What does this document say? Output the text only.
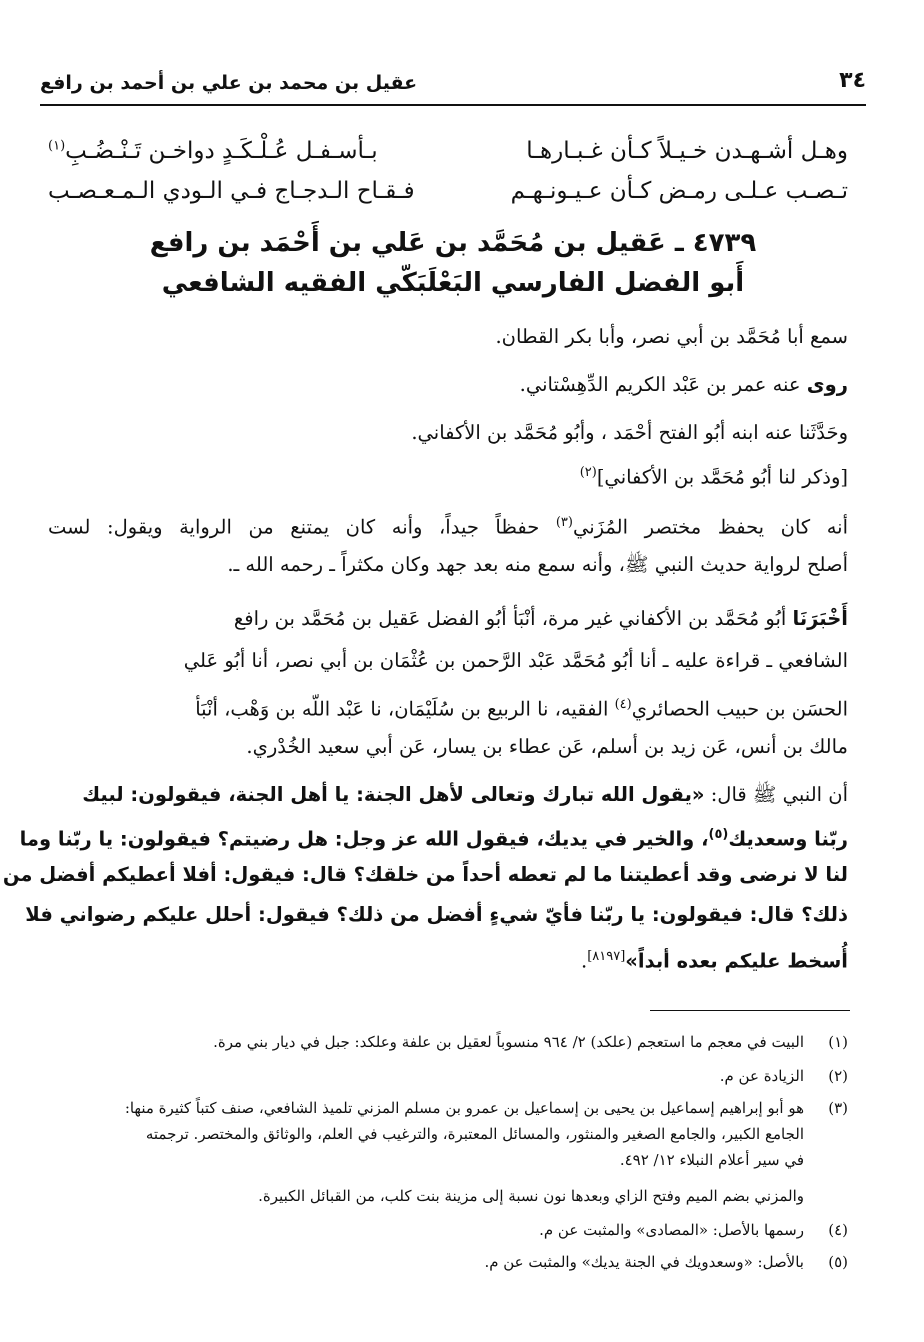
٣٤
عقيل بن محمد بن علي بن أحمد بن رافع
وهـل أشـهـدن خـيـلاً كـأن غـبـارهـا
بـأسـفـل عُـلْـكَـدٍ دواخـن تَـنْـضُـبِ$^{(١)}$
تـصـب عـلـى رمـض كـأن عـيـونـهـم
فـقـاح الـدجـاج فـي الـودي الـمـعـصـب
٤٧٣٩ ـ عَقيل بن مُحَمَّد بن عَلي بن أَحْمَد بن رافع
أَبو الفضل الفارسي البَعْلَبَكّي الفقيه الشافعي
سمع أبا مُحَمَّد بن أبي نصر، وأبا بكر القطان.
روى عنه عمر بن عَبْد الكريم الدِّهِسْتاني.
وحَدَّثَنا عنه ابنه أبُو الفتح أحْمَد ، وأبُو مُحَمَّد بن الأكفاني.
[وذكر لنا أبُو مُحَمَّد بن الأكفاني]$^{(٢)}$
أنه كان يحفظ مختصر المُزَني$^{(٣)}$ حفظاً جيداً، وأنه كان يمتنع من الرواية ويقول: لست
أصلح لرواية حديث النبي ﷺ، وأنه سمع منه بعد جهد وكان مكثراً ـ رحمه الله ـ.
أَخْبَرَنَا أبُو مُحَمَّد بن الأكفاني غير مرة، أنْبَأ أبُو الفضل عَقيل بن مُحَمَّد بن رافع
الشافعي ـ قراءة عليه ـ أنا أبُو مُحَمَّد عَبْد الرَّحمن بن عُثْمَان بن أبي نصر، أنا أبُو عَلي
الحسَن بن حبيب الحصائري$^{(٤)}$ الفقيه، نا الربيع بن سُلَيْمَان، نا عَبْد اللّه بن وَهْب، أنْبَأ
مالك بن أنس، عَن زيد بن أسلم، عَن عطاء بن يسار، عَن أبي سعيد الخُدْري.
أن النبي ﷺ قال: «يقول الله تبارك وتعالى لأهل الجنة: يا أهل الجنة، فيقولون: لبيك
ربّنا وسعديك$^{(٥)}$، والخير في يديك، فيقول الله عز وجل: هل رضيتم؟ فيقولون: يا ربّنا وما
لنا لا نرضى وقد أعطيتنا ما لم تعطه أحداً من خلقك؟ قال: فيقول: أفلا أعطيكم أفضل من
ذلك؟ قال: فيقولون: يا ربّنا فأيّ شيءٍ أفضل من ذلك؟ فيقول: أحلل عليكم رضواني فلا
أُسخط عليكم بعده أبداً»[٨١٩٧].
(١)
البيت في معجم ما استعجم (علكد) ٢/ ٩٦٤ منسوباً لعقيل بن علفة وعلكد: جبل في ديار بني مرة.
(٢)
الزيادة عن م.
(٣)
هو أبو إبراهيم إسماعيل بن يحيى بن إسماعيل بن عمرو بن مسلم المزني تلميذ الشافعي، صنف كتباً كثيرة منها:
الجامع الكبير، والجامع الصغير والمنثور، والمسائل المعتبرة، والترغيب في العلم، والوثائق والمختصر. ترجمته
في سير أعلام النبلاء ١٢/ ٤٩٢.
والمزني بضم الميم وفتح الزاي وبعدها نون نسبة إلى مزينة بنت كلب، من القبائل الكبيرة.
(٤)
رسمها بالأصل: «المصادى» والمثبت عن م.
(٥)
بالأصل: «وسعدويك في الجنة يديك» والمثبت عن م.
